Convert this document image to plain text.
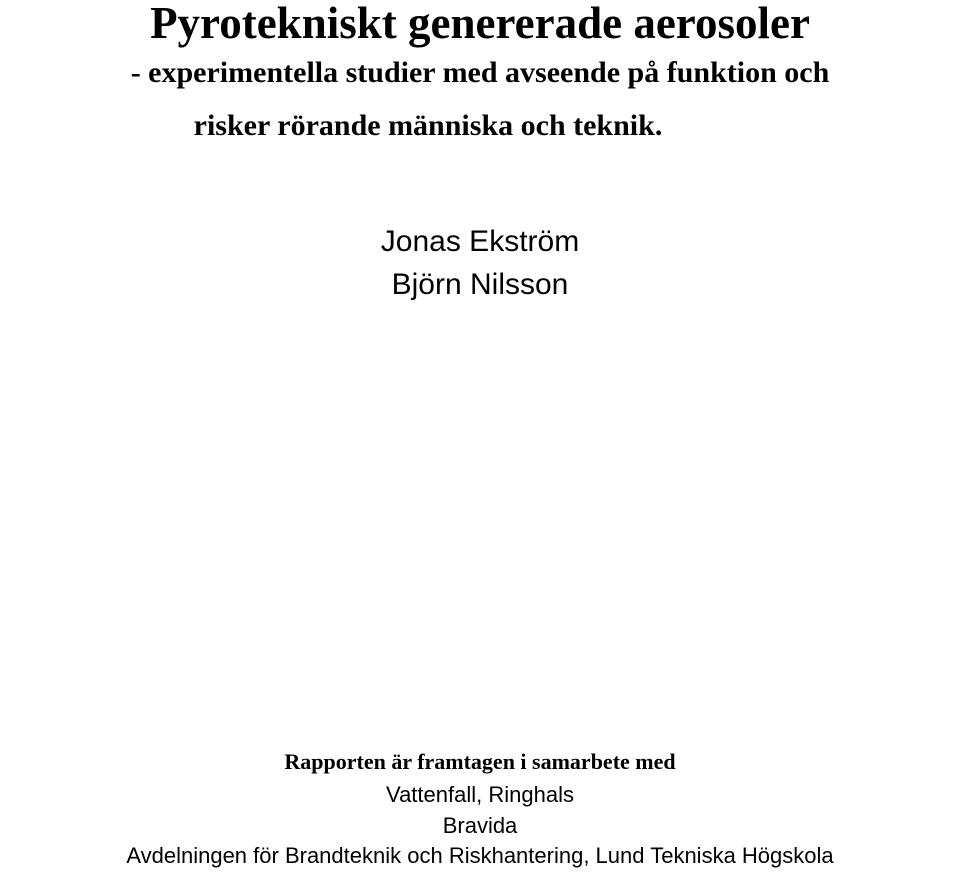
Pyrotekniskt genererade aerosoler

- experimentella studier med avseende på funktion och

risker rörande människa och teknik.

Jonas Ekström

Björn Nilsson

Rapporten är framtagen i samarbete med

Vattenfall, Ringhals

Bravida

Avdelningen för Brandteknik och Riskhantering, Lund Tekniska Högskola
